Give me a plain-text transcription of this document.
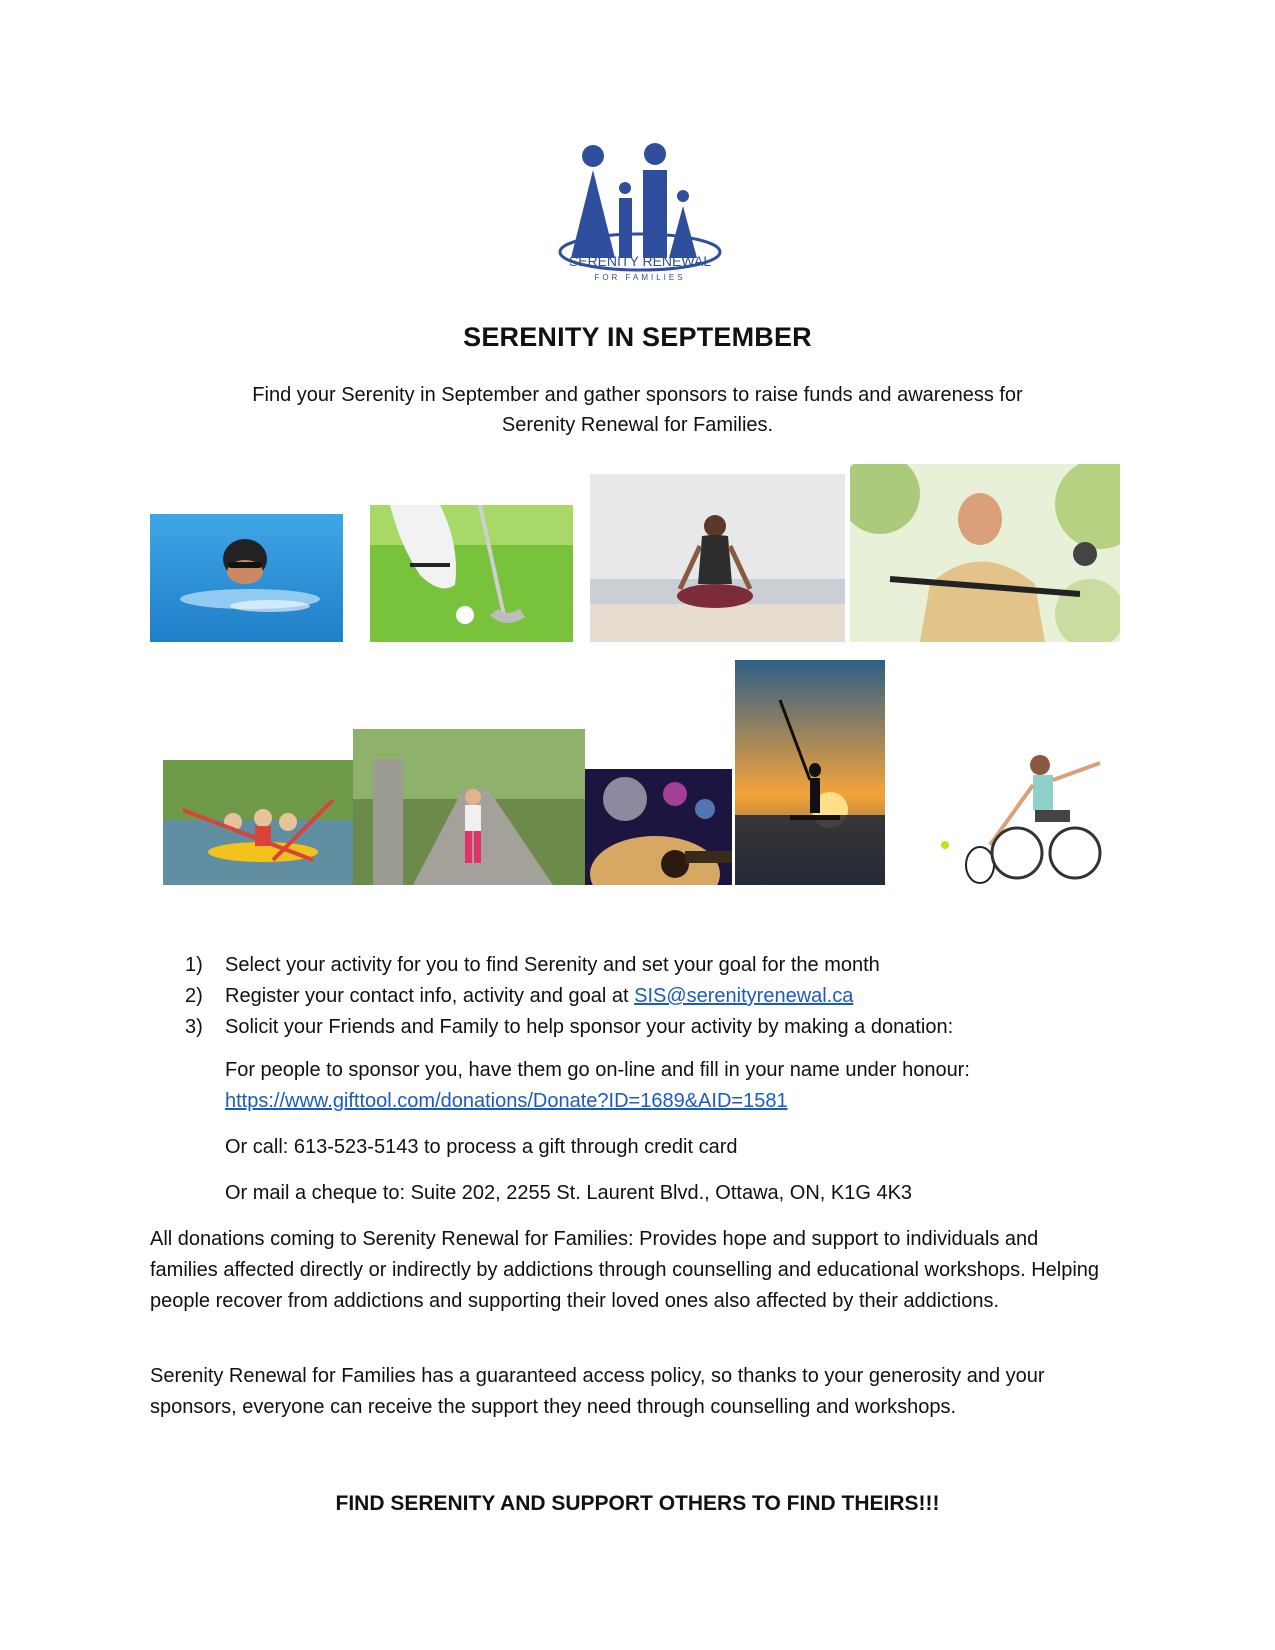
SERENITY RENEWAL
FOR FAMILIES
SERENITY IN SEPTEMBER
Find your Serenity in September and gather sponsors to raise funds and awareness for
Serenity Renewal for Families.
1)	Select your activity for you to find Serenity and set your goal for the month
2)	Register your contact info, activity and goal at SIS@serenityrenewal.ca
3)	Solicit your Friends and Family to help sponsor your activity by making a donation:
For people to sponsor you, have them go on-line and fill in your name under honour:
https://www.gifttool.com/donations/Donate?ID=1689&AID=1581
Or call: 613-523-5143 to process a gift through credit card
Or mail a cheque to: Suite 202, 2255 St. Laurent Blvd., Ottawa, ON, K1G 4K3
All donations coming to Serenity Renewal for Families: Provides hope and support to individuals and families affected directly or indirectly by addictions through counselling and educational workshops. Helping people recover from addictions and supporting their loved ones also affected by their addictions.
Serenity Renewal for Families has a guaranteed access policy, so thanks to your generosity and your sponsors, everyone can receive the support they need through counselling and workshops.
FIND SERENITY AND SUPPORT OTHERS TO FIND THEIRS!!!
